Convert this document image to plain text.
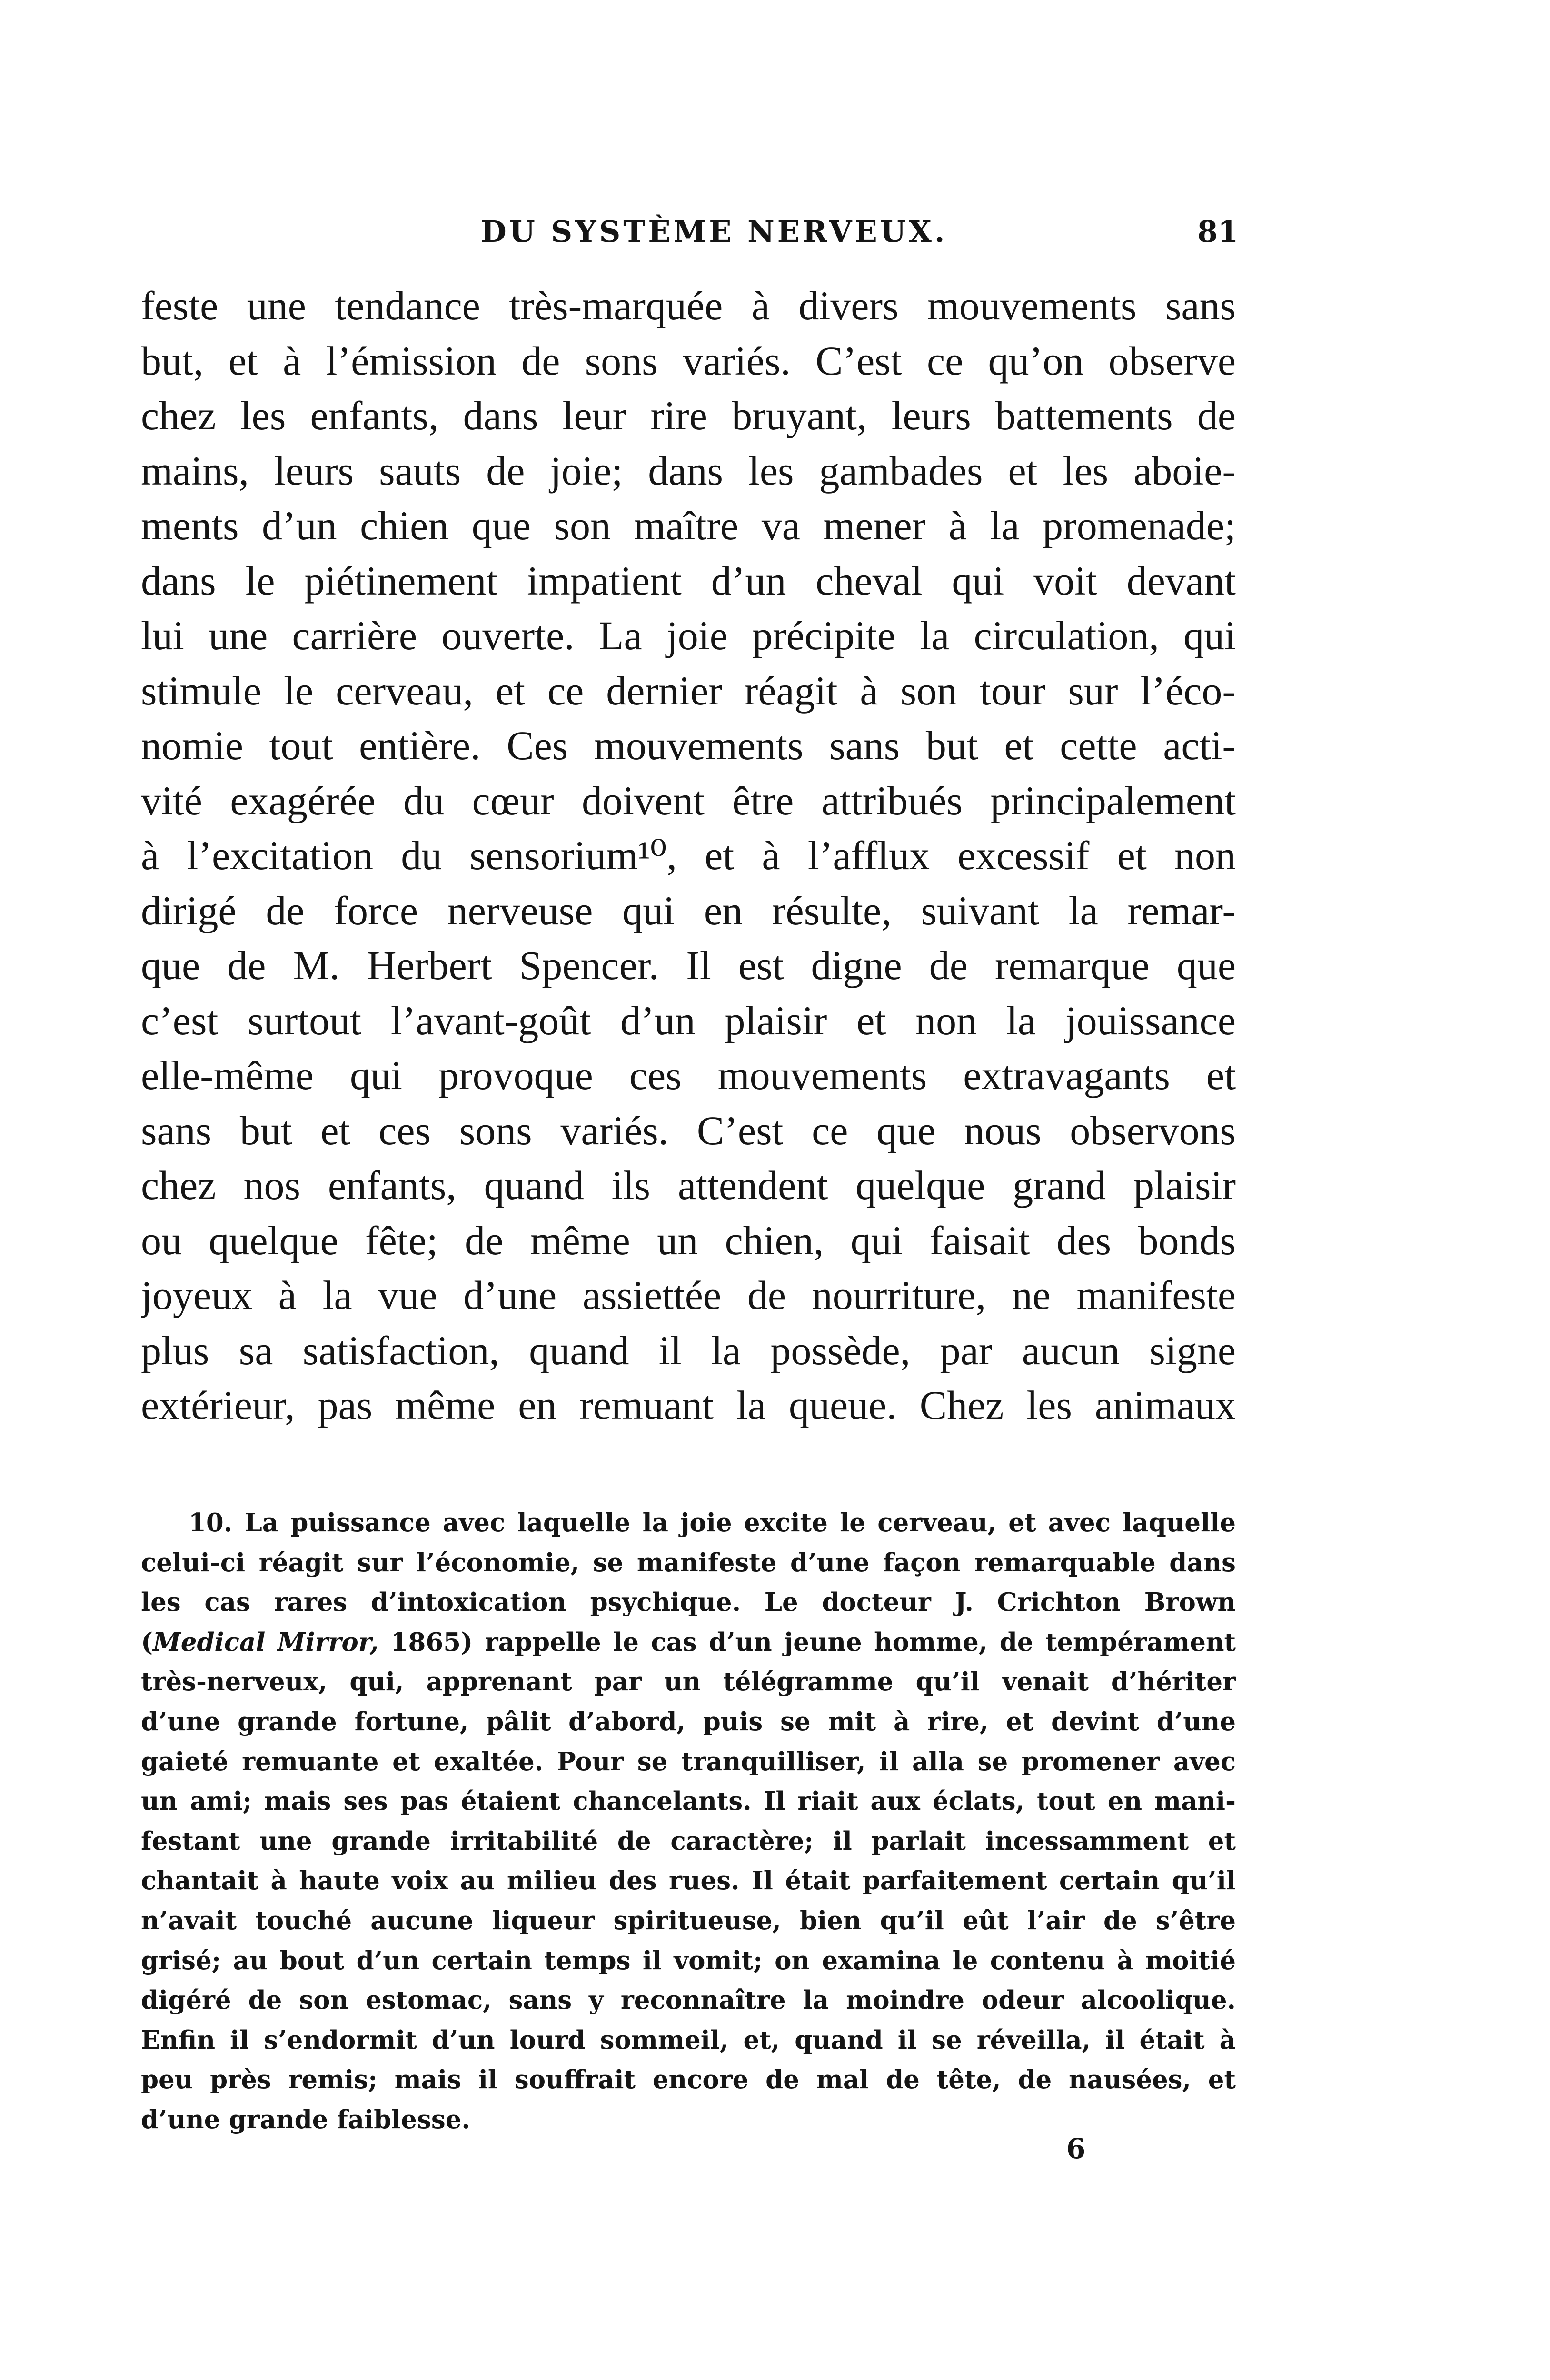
DU SYSTÈME NERVEUX.	81
feste une tendance très-marquée à divers mouvements sans
but, et à l’émission de sons variés. C’est ce qu’on observe
chez les enfants, dans leur rire bruyant, leurs battements de
mains, leurs sauts de joie; dans les gambades et les aboie-
ments d’un chien que son maître va mener à la promenade;
dans le piétinement impatient d’un cheval qui voit devant
lui une carrière ouverte. La joie précipite la circulation, qui
stimule le cerveau, et ce dernier réagit à son tour sur l’éco-
nomie tout entière. Ces mouvements sans but et cette acti-
vité exagérée du cœur doivent être attribués principalement
à l’excitation du sensorium¹⁰, et à l’afflux excessif et non
dirigé de force nerveuse qui en résulte, suivant la remar-
que de M. Herbert Spencer. Il est digne de remarque que
c’est surtout l’avant-goût d’un plaisir et non la jouissance
elle-même qui provoque ces mouvements extravagants et
sans but et ces sons variés. C’est ce que nous observons
chez nos enfants, quand ils attendent quelque grand plaisir
ou quelque fête; de même un chien, qui faisait des bonds
joyeux à la vue d’une assiettée de nourriture, ne manifeste
plus sa satisfaction, quand il la possède, par aucun signe
extérieur, pas même en remuant la queue. Chez les animaux
10. La puissance avec laquelle la joie excite le cerveau, et avec laquelle
celui-ci réagit sur l’économie, se manifeste d’une façon remarquable dans
les cas rares d’intoxication psychique. Le docteur J. Crichton Brown
(Medical Mirror, 1865) rappelle le cas d’un jeune homme, de tempérament
très-nerveux, qui, apprenant par un télégramme qu’il venait d’hériter
d’une grande fortune, pâlit d’abord, puis se mit à rire, et devint d’une
gaieté remuante et exaltée. Pour se tranquilliser, il alla se promener avec
un ami; mais ses pas étaient chancelants. Il riait aux éclats, tout en mani-
festant une grande irritabilité de caractère; il parlait incessamment et
chantait à haute voix au milieu des rues. Il était parfaitement certain qu’il
n’avait touché aucune liqueur spiritueuse, bien qu’il eût l’air de s’être
grisé; au bout d’un certain temps il vomit; on examina le contenu à moitié
digéré de son estomac, sans y reconnaître la moindre odeur alcoolique.
Enfin il s’endormit d’un lourd sommeil, et, quand il se réveilla, il était à
peu près remis; mais il souffrait encore de mal de tête, de nausées, et
d’une grande faiblesse.
6
